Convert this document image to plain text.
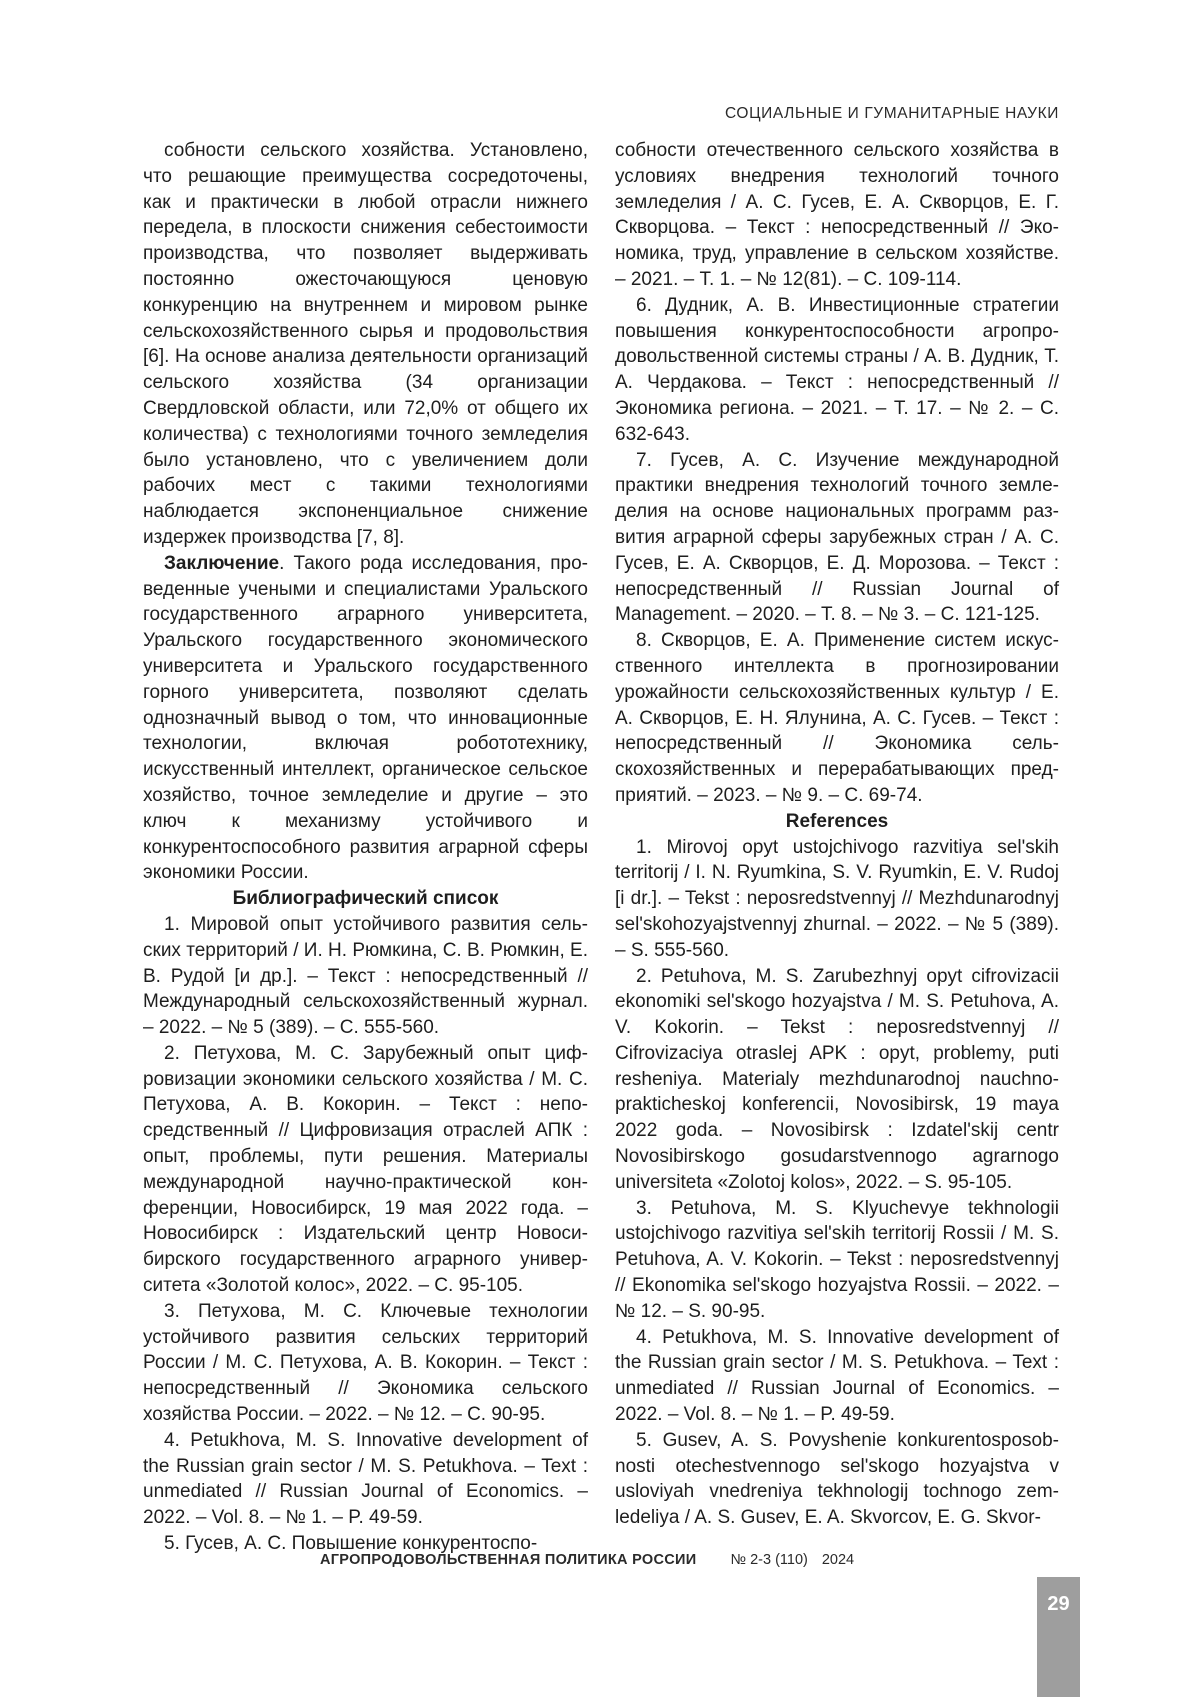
СОЦИАЛЬНЫЕ И ГУМАНИТАРНЫЕ НАУКИ

собности сельского хозяйства. Установлено, что решающие преимущества сосредоточены, как и практически в любой отрасли нижнего передела, в плоскости снижения себестоимости производства, что позволяет выдерживать постоянно ожесточающуюся ценовую конкуренцию на внутреннем и мировом рынке сельскохозяйственного сырья и продовольствия [6]. На основе анализа деятельности организаций сельского хозяйства (34 организации Свердловской области, или 72,0% от общего их количества) с технологиями точного земледелия было установлено, что с увеличением доли рабочих мест с такими технологиями наблюдается экспоненциальное снижение издержек производства [7, 8].

Заключение. Такого рода исследования, проведенные учеными и специалистами Уральского государственного аграрного университета, Уральского государственного экономического университета и Уральского государственного горного университета, позволяют сделать однозначный вывод о том, что инновационные технологии, включая робототехнику, искусственный интеллект, органическое сельское хозяйство, точное земледелие и другие – это ключ к механизму устойчивого и конкурентоспособного развития аграрной сферы экономики России.

Библиографический список

1. Мировой опыт устойчивого развития сельских территорий / И. Н. Рюмкина, С. В. Рюмкин, Е. В. Рудой [и др.]. – Текст : непосредственный // Международный сельскохозяйственный журнал. – 2022. – № 5 (389). – С. 555-560.

2. Петухова, М. С. Зарубежный опыт цифровизации экономики сельского хозяйства / М. С. Петухова, А. В. Кокорин. – Текст : непосредственный // Цифровизация отраслей АПК : опыт, проблемы, пути решения. Материалы международной научно-практической конференции, Новосибирск, 19 мая 2022 года. – Новосибирск : Издательский центр Новосибирского государственного аграрного университета «Золотой колос», 2022. – С. 95-105.

3. Петухова, М. С. Ключевые технологии устойчивого развития сельских территорий России / М. С. Петухова, А. В. Кокорин. – Текст : непосредственный // Экономика сельского хозяйства России. – 2022. – № 12. – С. 90-95.

4. Petukhova, M. S. Innovative development of the Russian grain sector / M. S. Petukhova. – Text : unmediated // Russian Journal of Economics. – 2022. – Vol. 8. – № 1. – P. 49-59.

5. Гусев, А. С. Повышение конкурентоспо-

собности отечественного сельского хозяйства в условиях внедрения технологий точного земледелия / А. С. Гусев, Е. А. Скворцов, Е. Г. Скворцова. – Текст : непосредственный // Экономика, труд, управление в сельском хозяйстве. – 2021. – Т. 1. – № 12(81). – С. 109-114.

6. Дудник, А. В. Инвестиционные стратегии повышения конкурентоспособности агропродовольственной системы страны / А. В. Дудник, Т. А. Чердакова. – Текст : непосредственный // Экономика региона. – 2021. – Т. 17. – № 2. – С. 632-643.

7. Гусев, А. С. Изучение международной практики внедрения технологий точного земледелия на основе национальных программ развития аграрной сферы зарубежных стран / А. С. Гусев, Е. А. Скворцов, Е. Д. Морозова. – Текст : непосредственный // Russian Journal of Management. – 2020. – Т. 8. – № 3. – С. 121-125.

8. Скворцов, Е. А. Применение систем искусственного интеллекта в прогнозировании урожайности сельскохозяйственных культур / Е. А. Скворцов, Е. Н. Ялунина, А. С. Гусев. – Текст : непосредственный // Экономика сельскохозяйственных и перерабатывающих предприятий. – 2023. – № 9. – С. 69-74.

References

1. Mirovoj opyt ustojchivogo razvitiya sel'skih territorij / I. N. Ryumkina, S. V. Ryumkin, E. V. Rudoj [i dr.]. – Tekst : neposredstvennyj // Mezhdunarodnyj sel'skohozyajstvennyj zhurnal. – 2022. – № 5 (389). – S. 555-560.

2. Petuhova, M. S. Zarubezhnyj opyt cifrovizacii ekonomiki sel'skogo hozyajstva / M. S. Petuhova, A. V. Kokorin. – Tekst : neposredstvennyj // Cifrovizaciya otraslej APK : opyt, problemy, puti resheniya. Materialy mezhdunarodnoj nauchno-prakticheskoj konferencii, Novosibirsk, 19 maya 2022 goda. – Novosibirsk : Izdatel'skij centr Novosibirskogo gosudarstvennogo agrarnogo universiteta «Zolotoj kolos», 2022. – S. 95-105.

3. Petuhova, M. S. Klyuchevye tekhnologii ustojchivogo razvitiya sel'skih territorij Rossii / M. S. Petuhova, A. V. Kokorin. – Tekst : neposredstvennyj // Ekonomika sel'skogo hozyajstva Rossii. – 2022. – № 12. – S. 90-95.

4. Petukhova, M. S. Innovative development of the Russian grain sector / M. S. Petukhova. – Text : unmediated // Russian Journal of Economics. – 2022. – Vol. 8. – № 1. – P. 49-59.

5. Gusev, A. S. Povyshenie konkurentosposobnosti otechestvennogo sel'skogo hozyajstva v usloviyah vnedreniya tekhnologij tochnogo zemledeliya / A. S. Gusev, E. A. Skvorcov, E. G. Skvor-

АГРОПРОДОВОЛЬСТВЕННАЯ ПОЛИТИКА РОССИИ № 2-3 (110) 2024
29
